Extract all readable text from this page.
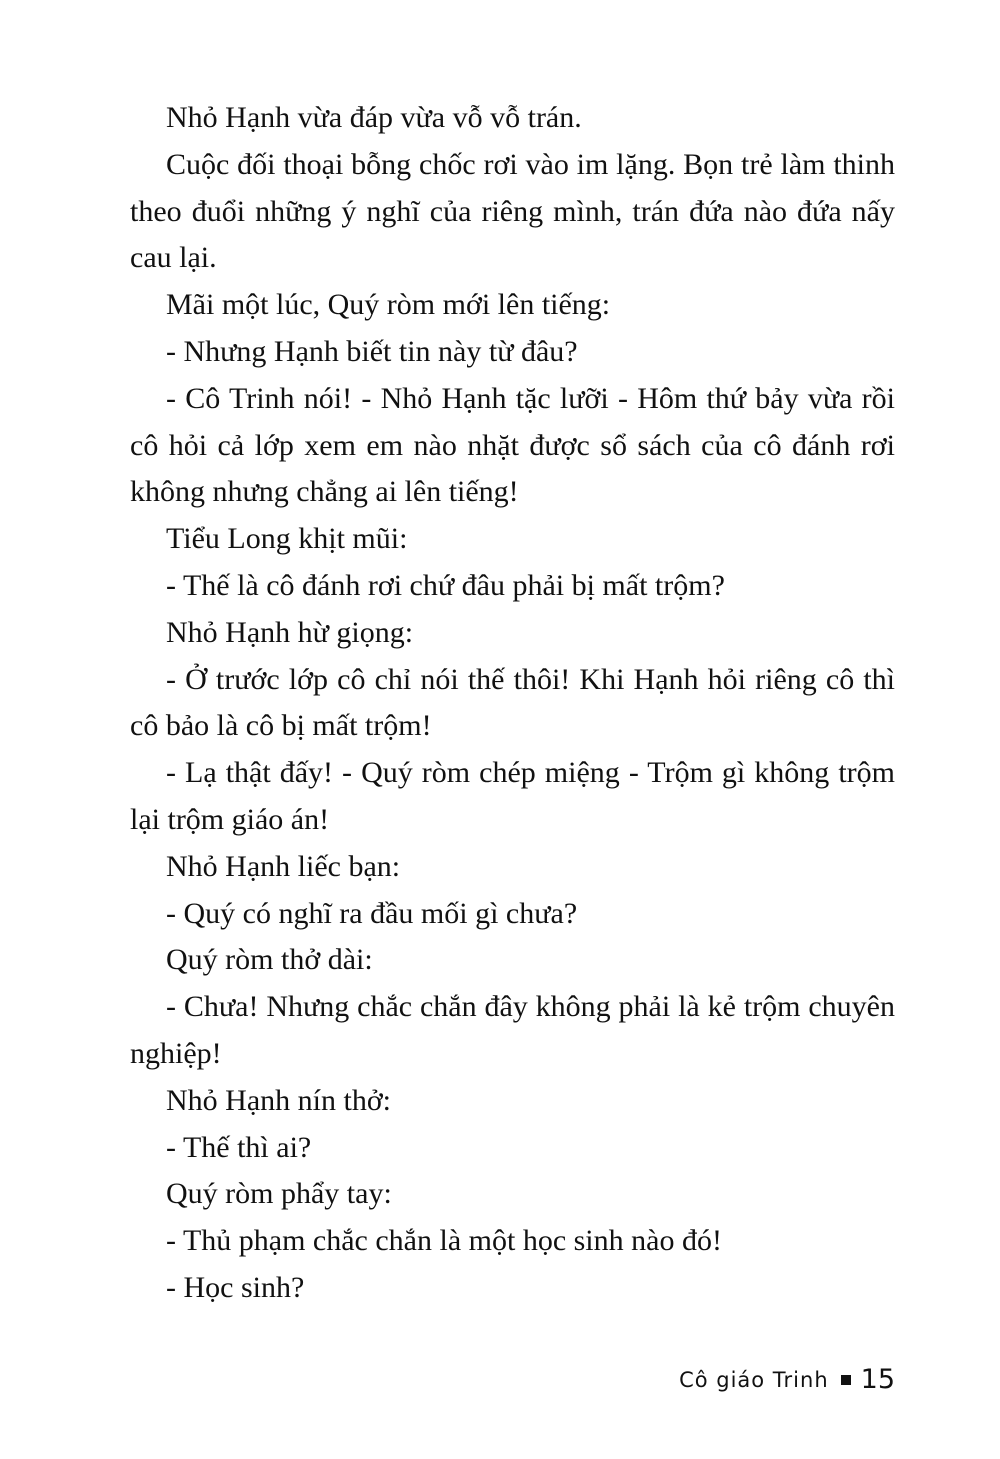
Nhỏ Hạnh vừa đáp vừa vỗ vỗ trán.

Cuộc đối thoại bỗng chốc rơi vào im lặng. Bọn trẻ làm thinh theo đuổi những ý nghĩ của riêng mình, trán đứa nào đứa nấy cau lại.

Mãi một lúc, Quý ròm mới lên tiếng:

- Nhưng Hạnh biết tin này từ đâu?

- Cô Trinh nói! - Nhỏ Hạnh tặc lưỡi - Hôm thứ bảy vừa rồi cô hỏi cả lớp xem em nào nhặt được sổ sách của cô đánh rơi không nhưng chẳng ai lên tiếng!

Tiểu Long khịt mũi:

- Thế là cô đánh rơi chứ đâu phải bị mất trộm?

Nhỏ Hạnh hừ giọng:

- Ở trước lớp cô chỉ nói thế thôi! Khi Hạnh hỏi riêng cô thì cô bảo là cô bị mất trộm!

- Lạ thật đấy! - Quý ròm chép miệng - Trộm gì không trộm lại trộm giáo án!

Nhỏ Hạnh liếc bạn:

- Quý có nghĩ ra đầu mối gì chưa?

Quý ròm thở dài:

- Chưa! Nhưng chắc chắn đây không phải là kẻ trộm chuyên nghiệp!

Nhỏ Hạnh nín thở:

- Thế thì ai?

Quý ròm phẩy tay:

- Thủ phạm chắc chắn là một học sinh nào đó!

- Học sinh?

Cô giáo Trinh 15
